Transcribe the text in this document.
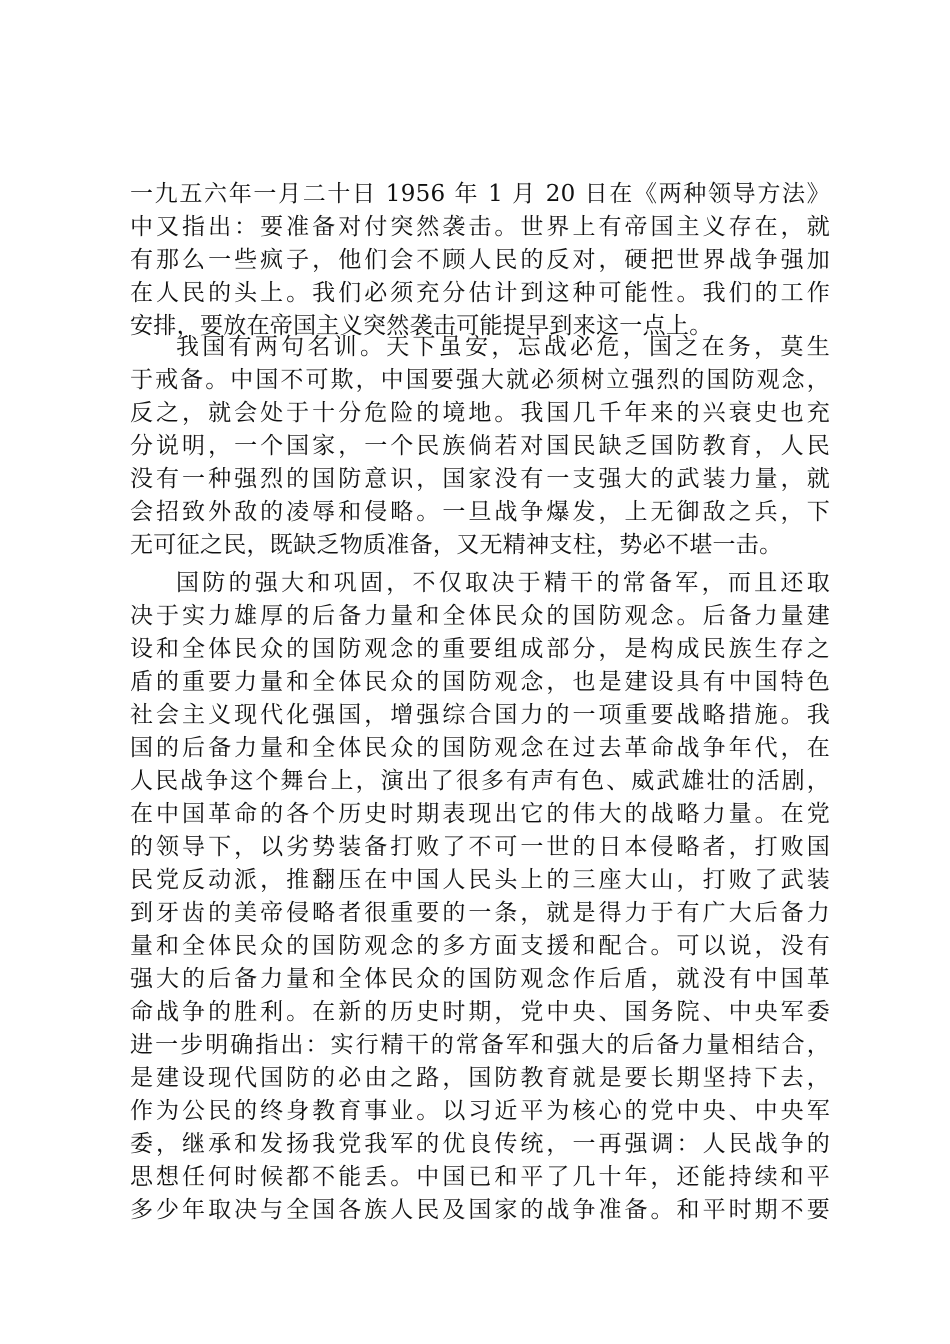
一九五六年一月二十日 1956 年 1 月 20 日在《两种领导方法》
中又指出：要准备对付突然袭击。世界上有帝国主义存在，就
有那么一些疯子，他们会不顾人民的反对，硬把世界战争强加
在人民的头上。我们必须充分估计到这种可能性。我们的工作
安排，要放在帝国主义突然袭击可能提早到来这一点上。
我国有两句名训。天下虽安，忘战必危，国之在务，莫生
于戒备。中国不可欺，中国要强大就必须树立强烈的国防观念，
反之，就会处于十分危险的境地。我国几千年来的兴衰史也充
分说明，一个国家，一个民族倘若对国民缺乏国防教育，人民
没有一种强烈的国防意识，国家没有一支强大的武装力量，就
会招致外敌的凌辱和侵略。一旦战争爆发，上无御敌之兵，下
无可征之民，既缺乏物质准备，又无精神支柱，势必不堪一击。
国防的强大和巩固，不仅取决于精干的常备军，而且还取
决于实力雄厚的后备力量和全体民众的国防观念。后备力量建
设和全体民众的国防观念的重要组成部分，是构成民族生存之
盾的重要力量和全体民众的国防观念，也是建设具有中国特色
社会主义现代化强国，增强综合国力的一项重要战略措施。我
国的后备力量和全体民众的国防观念在过去革命战争年代，在
人民战争这个舞台上，演出了很多有声有色、威武雄壮的活剧，
在中国革命的各个历史时期表现出它的伟大的战略力量。在党
的领导下，以劣势装备打败了不可一世的日本侵略者，打败国
民党反动派，推翻压在中国人民头上的三座大山，打败了武装
到牙齿的美帝侵略者很重要的一条，就是得力于有广大后备力
量和全体民众的国防观念的多方面支援和配合。可以说，没有
强大的后备力量和全体民众的国防观念作后盾，就没有中国革
命战争的胜利。在新的历史时期，党中央、国务院、中央军委
进一步明确指出：实行精干的常备军和强大的后备力量相结合，
是建设现代国防的必由之路，国防教育就是要长期坚持下去，
作为公民的终身教育事业。以习近平为核心的党中央、中央军
委，继承和发扬我党我军的优良传统，一再强调：人民战争的
思想任何时候都不能丢。中国已和平了几十年，还能持续和平
多少年取决与全国各族人民及国家的战争准备。和平时期不要
